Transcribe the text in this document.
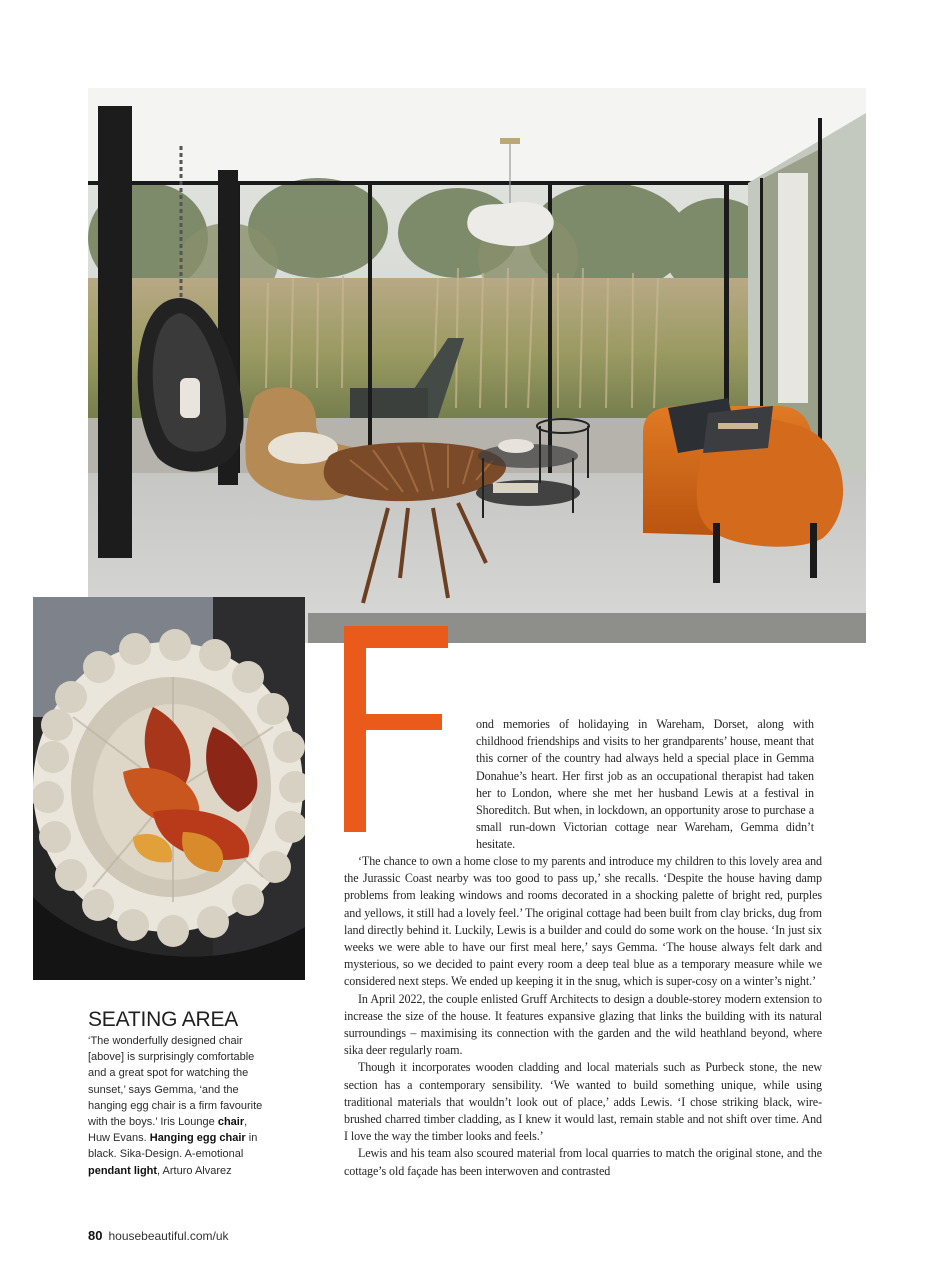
ond memories of holidaying in Wareham, Dorset, along with childhood friendships and visits to her grandparents’ house, meant that this corner of the country had always held a special place in Gemma Donahue’s heart. Her first job as an occupational therapist had taken her to London, where she met her husband Lewis at a festival in Shoreditch. But when, in lockdown, an opportunity arose to purchase a small run-down Victorian cottage near Wareham, Gemma didn’t hesitate.

‘The chance to own a home close to my parents and introduce my children to this lovely area and the Jurassic Coast nearby was too good to pass up,’ she recalls. ‘Despite the house having damp problems from leaking windows and rooms decorated in a shocking palette of bright red, purples and yellows, it still had a lovely feel.’ The original cottage had been built from clay bricks, dug from land directly behind it. Luckily, Lewis is a builder and could do some work on the house. ‘In just six weeks we were able to have our first meal here,’ says Gemma. ‘The house always felt dark and mysterious, so we decided to paint every room a deep teal blue as a temporary measure while we considered next steps. We ended up keeping it in the snug, which is super-cosy on a winter’s night.’

In April 2022, the couple enlisted Gruff Architects to design a double-storey modern extension to increase the size of the house. It features expansive glazing that links the building with its natural surroundings – maximising its connection with the garden and the wild heathland beyond, where sika deer regularly roam.

Though it incorporates wooden cladding and local materials such as Purbeck stone, the new section has a contemporary sensibility. ‘We wanted to build something unique, while using traditional materials that wouldn’t look out of place,’ adds Lewis. ‘I chose striking black, wire-brushed charred timber cladding, as I knew it would last, remain stable and not shift over time. And I love the way the timber looks and feels.’

Lewis and his team also scoured material from local quarries to match the original stone, and the cottage’s old façade has been interwoven and contrasted

SEATING AREA

‘The wonderfully designed chair [above] is surprisingly comfortable and a great spot for watching the sunset,’ says Gemma, ‘and the hanging egg chair is a firm favourite with the boys.’ Iris Lounge chair, Huw Evans. Hanging egg chair in black. Sika-Design. A-emotional pendant light, Arturo Alvarez

80 housebeautiful.com/uk
